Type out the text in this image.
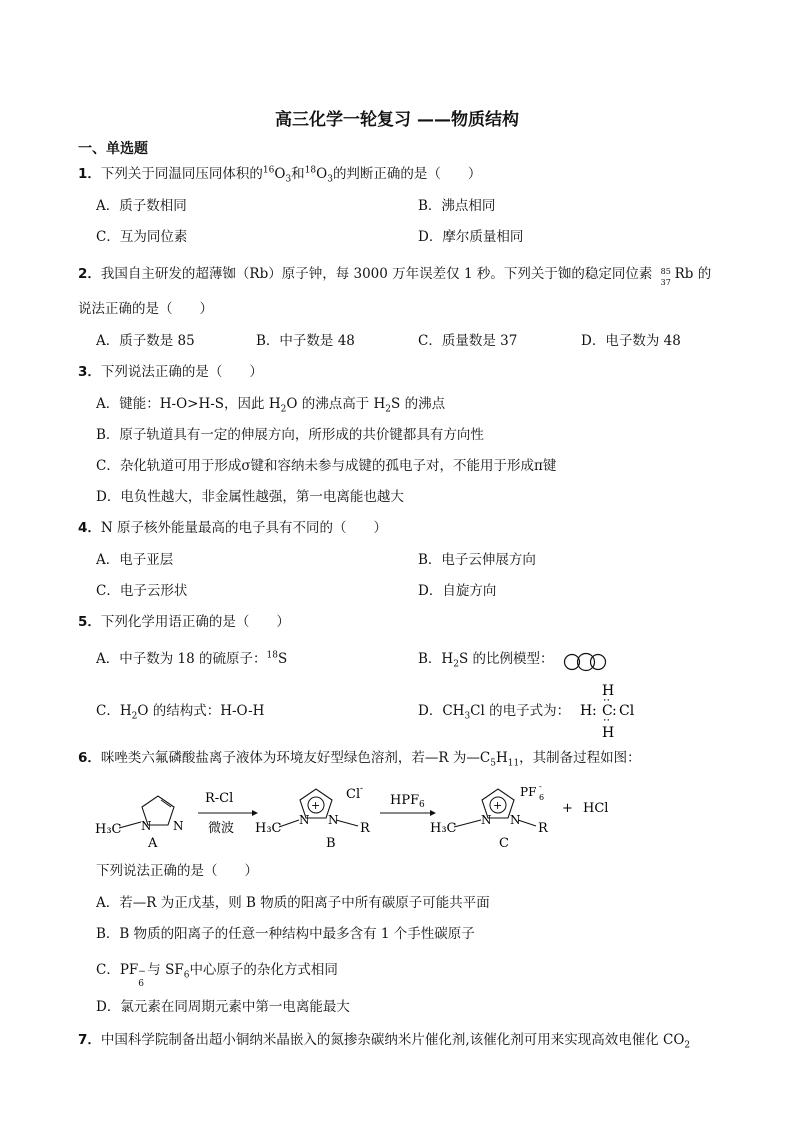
高三化学一轮复习 ——物质结构
一、单选题
1．下列关于同温同压同体积的$^{16}O_3$和$^{18}O_3$的判断正确的是（　　）
A．质子数相同	B．沸点相同
C．互为同位素	D．摩尔质量相同
2．我国自主研发的超薄铷（Rb）原子钟，每 3000 万年误差仅 1 秒。下列关于铷的稳定同位素 85
37 Rb 的
说法正确的是（　　）
A．质子数是 85	B．中子数是 48	C．质量数是 37	D．电子数为 48
3．下列说法正确的是（　　）
A．键能：H-O>H-S，因此 $H_2O$ 的沸点高于 $H_2S$ 的沸点
B．原子轨道具有一定的伸展方向，所形成的共价键都具有方向性
C．杂化轨道可用于形成σ键和容纳未参与成键的孤电子对，不能用于形成π键
D．电负性越大，非金属性越强，第一电离能也越大
4．N 原子核外能量最高的电子具有不同的（　　）
A．电子亚层	B．电子云伸展方向
C．电子云形状	D．自旋方向
5．下列化学用语正确的是（　　）
A．中子数为 18 的硫原子：$^{18}$S	B．$H_2S$ 的比例模型：
C．$H_2O$ 的结构式：H-O-H	D．$CH_3Cl$ 的电子式为：
H
:
H : C : Cl
:
H
6．咪唑类六氟磷酸盐离子液体为环境友好型绿色溶剂，若—R 为$—C_5H_{11}$，其制备过程如图：
N
N
H₃C
A
R-Cl
微波
+
N N
R
H₃C
Cl -
B
HPF 6	+
N N
R
H₃C
PF -
6
C
+ HCl
下列说法正确的是（　　）
A．若—R 为正戊基，则 B 物质的阳离子中所有碳原子可能共平面
B．B 物质的阳离子的任意一种结构中最多含有 1 个手性碳原子
C．PF −
6
与 $SF_6$中心原子的杂化方式相同
D．氯元素在同周期元素中第一电离能最大
7．中国科学院制备出超小铜纳米晶嵌入的氮掺杂碳纳米片催化剂,该催化剂可用来实现高效电催化 $CO_2$
